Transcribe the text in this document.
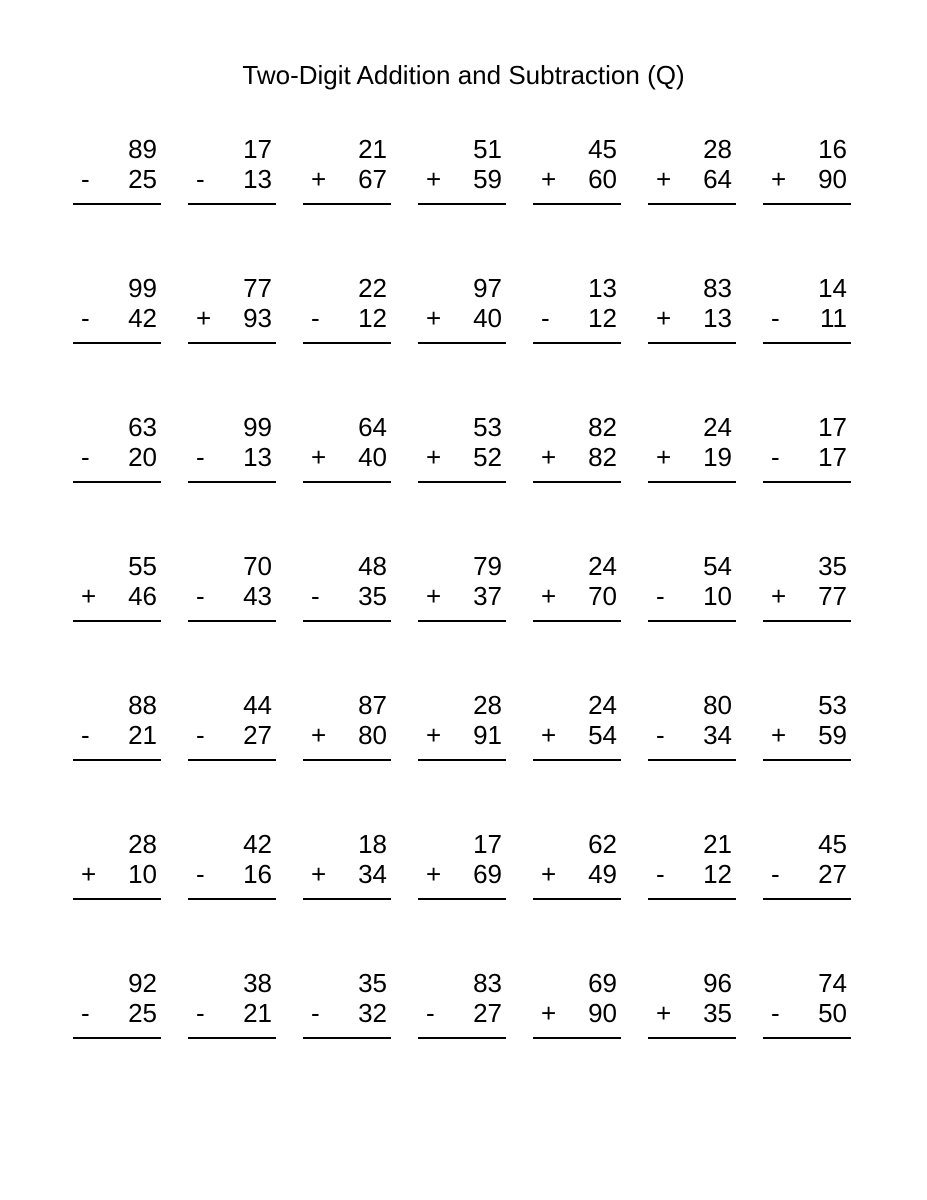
Two-Digit Addition and Subtraction (Q)
89
- 25
17
- 13
21
+ 67
51
+ 59
45
+ 60
28
+ 64
16
+ 90
99
- 42
77
+ 93
22
- 12
97
+ 40
13
- 12
83
+ 13
14
- 11
63
- 20
99
- 13
64
+ 40
53
+ 52
82
+ 82
24
+ 19
17
- 17
55
+ 46
70
- 43
48
- 35
79
+ 37
24
+ 70
54
- 10
35
+ 77
88
- 21
44
- 27
87
+ 80
28
+ 91
24
+ 54
80
- 34
53
+ 59
28
+ 10
42
- 16
18
+ 34
17
+ 69
62
+ 49
21
- 12
45
- 27
92
- 25
38
- 21
35
- 32
83
- 27
69
+ 90
96
+ 35
74
- 50
